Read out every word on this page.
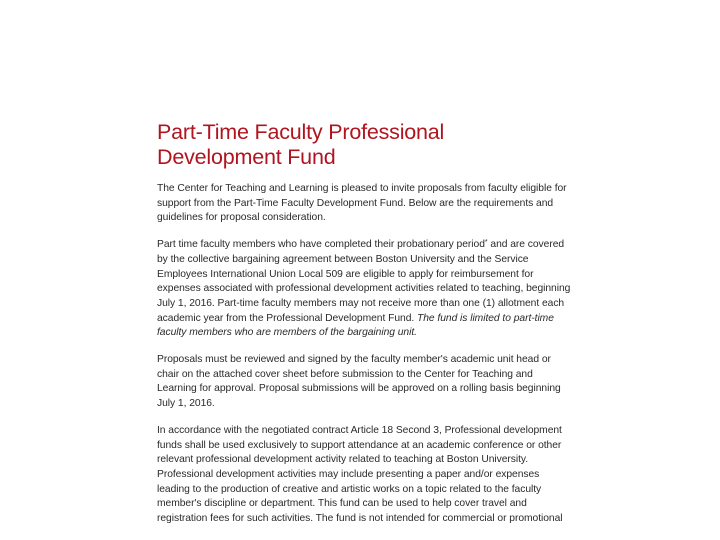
Part-Time Faculty Professional
Development Fund

The Center for Teaching and Learning is pleased to invite proposals from faculty eligible for support from the Part-Time Faculty Development Fund. Below are the requirements and guidelines for proposal consideration.

Part time faculty members who have completed their probationary period* and are covered by the collective bargaining agreement between Boston University and the Service Employees International Union Local 509 are eligible to apply for reimbursement for expenses associated with professional development activities related to teaching, beginning July 1, 2016. Part-time faculty members may not receive more than one (1) allotment each academic year from the Professional Development Fund. The fund is limited to part-time faculty members who are members of the bargaining unit.

Proposals must be reviewed and signed by the faculty member's academic unit head or chair on the attached cover sheet before submission to the Center for Teaching and Learning for approval. Proposal submissions will be approved on a rolling basis beginning July 1, 2016.

In accordance with the negotiated contract Article 18 Second 3, Professional development funds shall be used exclusively to support attendance at an academic conference or other relevant professional development activity related to teaching at Boston University. Professional development activities may include presenting a paper and/or expenses leading to the production of creative and artistic works on a topic related to the faculty member's discipline or department. This fund can be used to help cover travel and registration fees for such activities. The fund is not intended for commercial or promotional
